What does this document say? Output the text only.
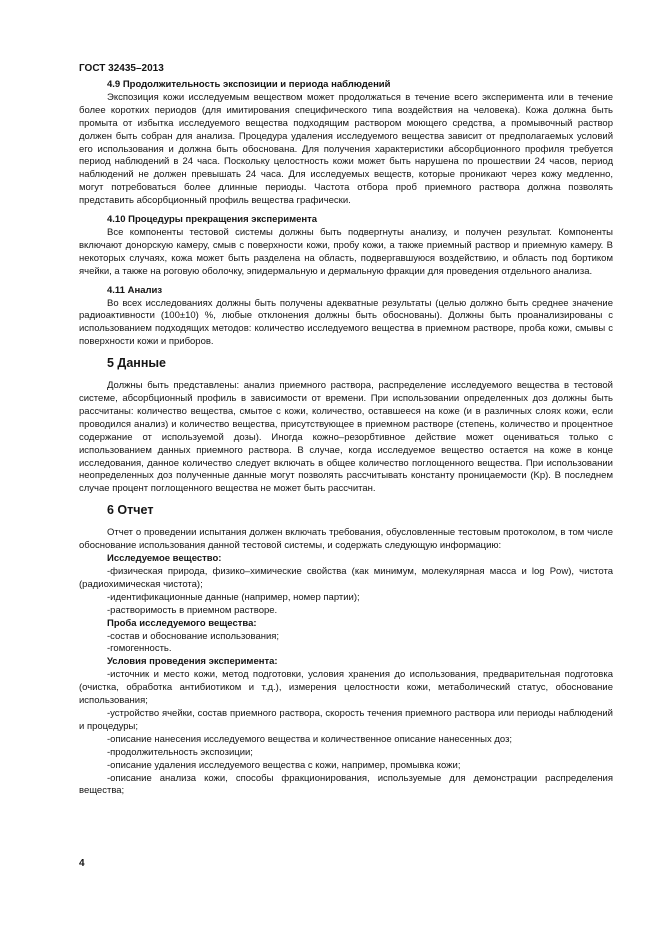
ГОСТ 32435–2013
4.9 Продолжительность экспозиции и периода наблюдений

Экспозиция кожи исследуемым веществом может продолжаться в течение всего эксперимента или в течение более коротких периодов (для имитирования специфического типа воздействия на человека). Кожа должна быть промыта от избытка исследуемого вещества подходящим раствором моющего средства, а промывочный раствор должен быть собран для анализа. Процедура удаления исследуемого вещества зависит от предполагаемых условий его использования и должна быть обоснована. Для получения характеристики абсорбционного профиля требуется период наблюдений в 24 часа. Поскольку целостность кожи может быть нарушена по прошествии 24 часов, период наблюдений не должен превышать 24 часа. Для исследуемых веществ, которые проникают через кожу медленно, могут потребоваться более длинные периоды. Частота отбора проб приемного раствора должна позволять представить абсорбционный профиль вещества графически.

4.10 Процедуры прекращения эксперимента

Все компоненты тестовой системы должны быть подвергнуты анализу, и получен результат. Компоненты включают донорскую камеру, смыв с поверхности кожи, пробу кожи, а также приемный раствор и приемную камеру. В некоторых случаях, кожа может быть разделена на область, подвергавшуюся воздействию, и область под бортиком ячейки, а также на роговую оболочку, эпидермальную и дермальную фракции для проведения отдельного анализа.

4.11 Анализ

Во всех исследованиях должны быть получены адекватные результаты (целью должно быть среднее значение радиоактивности (100±10) %, любые отклонения должны быть обоснованы). Должны быть проанализированы с использованием подходящих методов: количество исследуемого вещества в приемном растворе, проба кожи, смывы с поверхности кожи и приборов.

5 Данные

Должны быть представлены: анализ приемного раствора, распределение исследуемого вещества в тестовой системе, абсорбционный профиль в зависимости от времени. При использовании определенных доз должны быть рассчитаны: количество вещества, смытое с кожи, количество, оставшееся на коже (и в различных слоях кожи, если проводился анализ) и количество вещества, присутствующее в приемном растворе (степень, количество и процентное содержание от используемой дозы). Иногда кожно–резорбтивное действие может оцениваться только с использованием данных приемного раствора. В случае, когда исследуемое вещество остается на коже в конце исследования, данное количество следует включать в общее количество поглощенного вещества. При использовании неопределенных доз полученные данные могут позволять рассчитывать константу проницаемости (Kp). В последнем случае процент поглощенного вещества не может быть рассчитан.

6 Отчет

Отчет о проведении испытания должен включать требования, обусловленные тестовым протоколом, в том числе обоснование использования данной тестовой системы, и содержать следующую информацию:

Исследуемое вещество:

-физическая природа, физико–химические свойства (как минимум, молекулярная масса и log Pow), чистота (радиохимическая чистота);

-идентификационные данные (например, номер партии);

-растворимость в приемном растворе.

Проба исследуемого вещества:

-состав и обоснование использования;

-гомогенность.

Условия проведения эксперимента:

-источник и место кожи, метод подготовки, условия хранения до использования, предварительная подготовка (очистка, обработка антибиотиком и т.д.), измерения целостности кожи, метаболический статус, обоснование использования;

-устройство ячейки, состав приемного раствора, скорость течения приемного раствора или периоды наблюдений и процедуры;

-описание нанесения исследуемого вещества и количественное описание нанесенных доз;

-продолжительность экспозиции;

-описание удаления исследуемого вещества с кожи, например, промывка кожи;

-описание анализа кожи, способы фракционирования, используемые для демонстрации распределения вещества;

4
